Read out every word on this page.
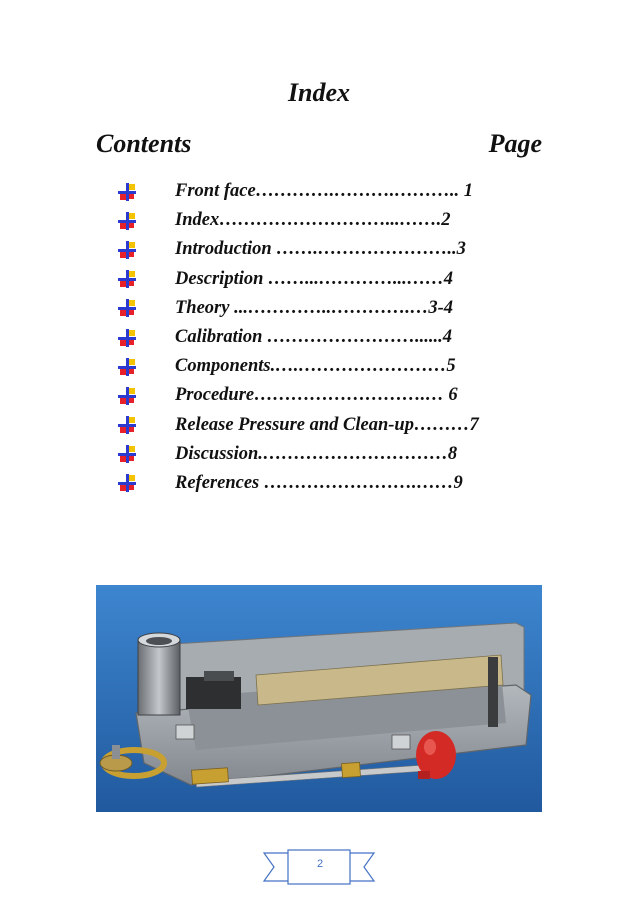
Index
Contents	Page
Front face………….……….……….. 1
Index………………………...…….2
Introduction …….…………………..3
Description ……...…………...……4
Theory ...…………..………….…3-4
Calibration ……………………......4
Components.….……………………5
Procedure……………………….… 6
Release Pressure and Clean-up………7
Discussion.…………………………8
References …………………….……9
2
